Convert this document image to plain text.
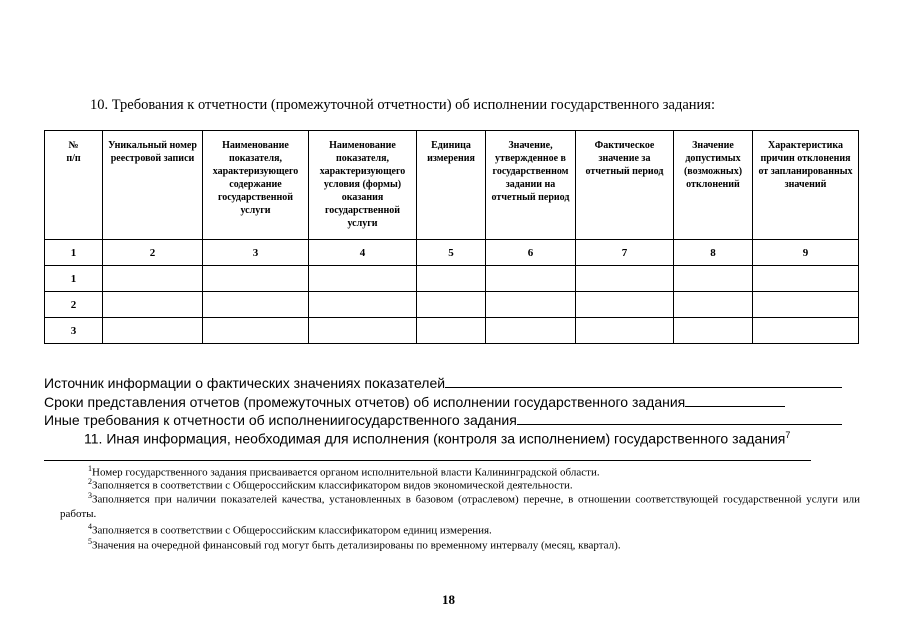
10. Требования к отчетности (промежуточной отчетности) об исполнении государственного задания:
№
п/п	Уникальный номер реестровой записи	Наименование показателя, характеризующего содержание государственной услуги	Наименование показателя, характеризующего условия (формы) оказания государственной услуги	Единица измерения	Значение, утвержденное в государственном задании на отчетный период	Фактическое значение за отчетный период	Значение допустимых (возможных) отклонений	Характеристика причин отклонения от запланированных значений
1	2	3	4	5	6	7	8	9
1								
2								
3								
Источник информации о фактических значениях показателей
Сроки представления отчетов (промежуточных отчетов) об исполнении государственного задания
Иные требования к отчетности об исполнениигосударственного задания
11. Иная информация, необходимая для исполнения (контроля за исполнением) государственного задания$^7$
$^1$Номер государственного задания присваивается органом исполнительной власти Калининградской области.
$^2$Заполняется в соответствии с Общероссийским классификатором видов экономической деятельности.
$^3$Заполняется при наличии показателей качества, установленных в базовом (отраслевом) перечне, в отношении соответствующей государственной услуги или работы.
$^4$Заполняется в соответствии с Общероссийским классификатором единиц измерения.
$^5$Значения на очередной финансовый год могут быть детализированы по временному интервалу (месяц, квартал).
18
